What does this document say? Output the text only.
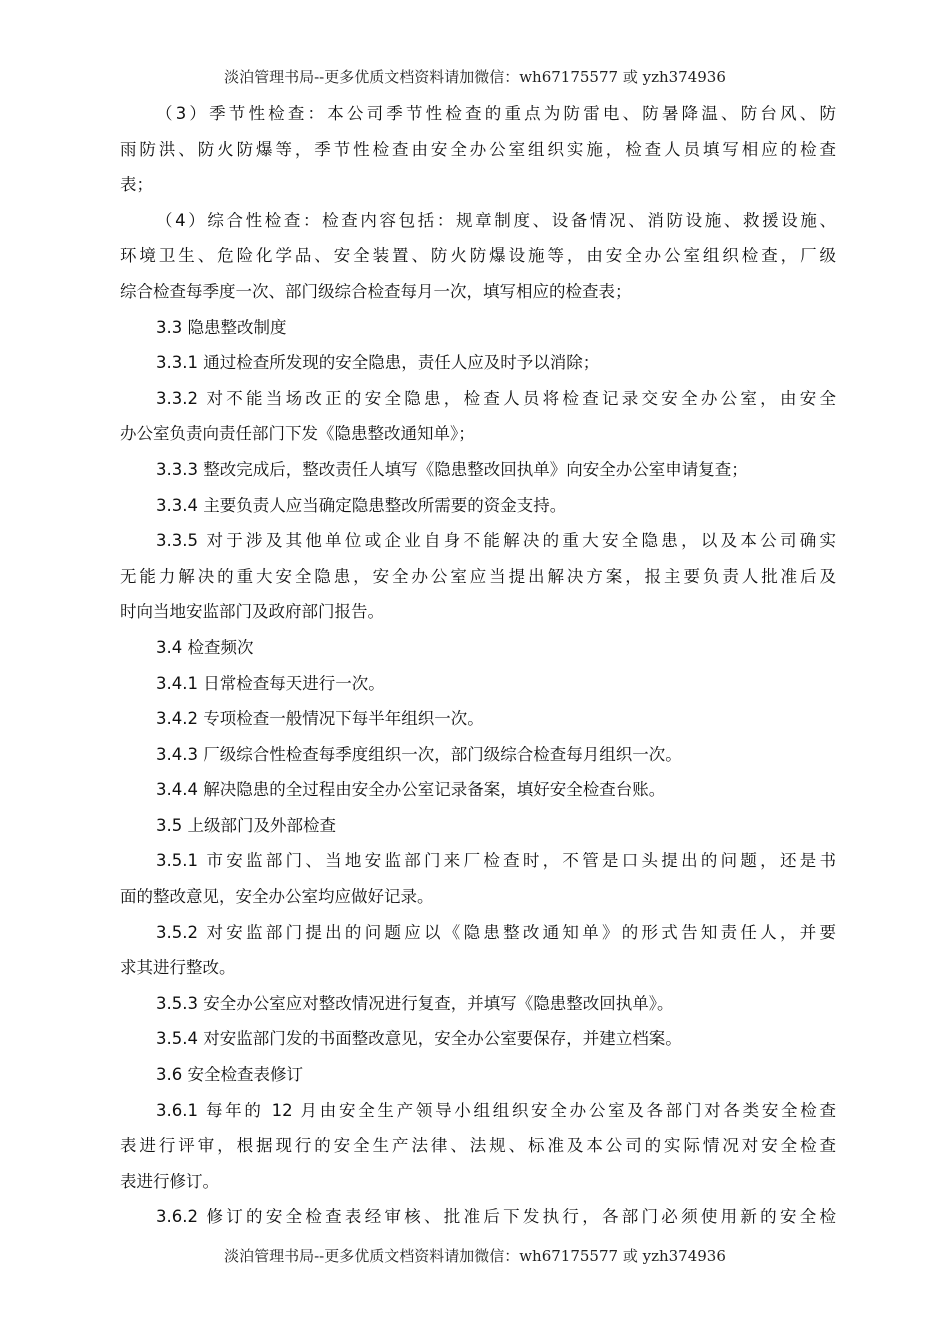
淡泊管理书局--更多优质文档资料请加微信：wh67175577 或 yzh374936
（3）季节性检查：本公司季节性检查的重点为防雷电、防暑降温、防台风、防
雨防洪、防火防爆等，季节性检查由安全办公室组织实施，检查人员填写相应的检查
表；
（4）综合性检查：检查内容包括：规章制度、设备情况、消防设施、救援设施、
环境卫生、危险化学品、安全装置、防火防爆设施等，由安全办公室组织检查，厂级
综合检查每季度一次、部门级综合检查每月一次，填写相应的检查表；
3.3 隐患整改制度
3.3.1 通过检查所发现的安全隐患，责任人应及时予以消除；
3.3.2 对不能当场改正的安全隐患，检查人员将检查记录交安全办公室，由安全
办公室负责向责任部门下发《隐患整改通知单》；
3.3.3 整改完成后，整改责任人填写《隐患整改回执单》向安全办公室申请复查；
3.3.4 主要负责人应当确定隐患整改所需要的资金支持。
3.3.5 对于涉及其他单位或企业自身不能解决的重大安全隐患，以及本公司确实
无能力解决的重大安全隐患，安全办公室应当提出解决方案，报主要负责人批准后及
时向当地安监部门及政府部门报告。
3.4 检查频次
3.4.1 日常检查每天进行一次。
3.4.2 专项检查一般情况下每半年组织一次。
3.4.3 厂级综合性检查每季度组织一次，部门级综合检查每月组织一次。
3.4.4 解决隐患的全过程由安全办公室记录备案，填好安全检查台账。
3.5 上级部门及外部检查
3.5.1 市安监部门、当地安监部门来厂检查时，不管是口头提出的问题，还是书
面的整改意见，安全办公室均应做好记录。
3.5.2 对安监部门提出的问题应以《隐患整改通知单》的形式告知责任人，并要
求其进行整改。
3.5.3 安全办公室应对整改情况进行复查，并填写《隐患整改回执单》。
3.5.4 对安监部门发的书面整改意见，安全办公室要保存，并建立档案。
3.6 安全检查表修订
3.6.1 每年的 12 月由安全生产领导小组组织安全办公室及各部门对各类安全检查
表进行评审，根据现行的安全生产法律、法规、标准及本公司的实际情况对安全检查
表进行修订。
3.6.2 修订的安全检查表经审核、批准后下发执行，各部门必须使用新的安全检
淡泊管理书局--更多优质文档资料请加微信：wh67175577 或 yzh374936
